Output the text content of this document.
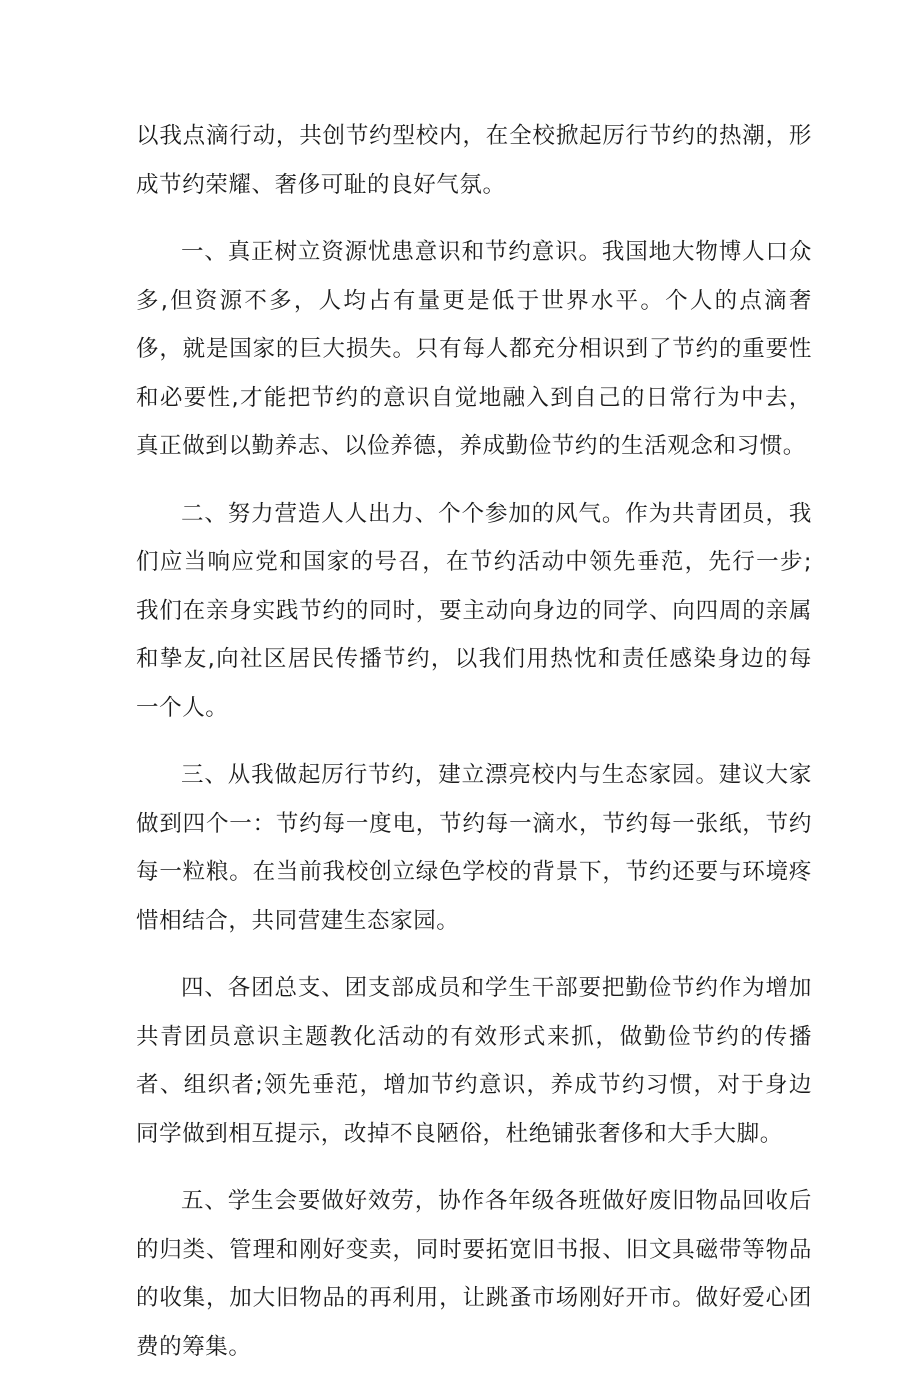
以我点滴行动，共创节约型校内，在全校掀起厉行节约的热潮，形成节约荣耀、奢侈可耻的良好气氛。

一、真正树立资源忧患意识和节约意识。我国地大物博人口众多,但资源不多，人均占有量更是低于世界水平。个人的点滴奢侈，就是国家的巨大损失。只有每人都充分相识到了节约的重要性和必要性,才能把节约的意识自觉地融入到自己的日常行为中去，真正做到以勤养志、以俭养德，养成勤俭节约的生活观念和习惯。

二、努力营造人人出力、个个参加的风气。作为共青团员，我们应当响应党和国家的号召，在节约活动中领先垂范，先行一步;我们在亲身实践节约的同时，要主动向身边的同学、向四周的亲属和挚友,向社区居民传播节约，以我们用热忱和责任感染身边的每一个人。

三、从我做起厉行节约，建立漂亮校内与生态家园。建议大家做到四个一：节约每一度电，节约每一滴水，节约每一张纸，节约每一粒粮。在当前我校创立绿色学校的背景下，节约还要与环境疼惜相结合，共同营建生态家园。

四、各团总支、团支部成员和学生干部要把勤俭节约作为增加共青团员意识主题教化活动的有效形式来抓，做勤俭节约的传播者、组织者;领先垂范，增加节约意识，养成节约习惯，对于身边同学做到相互提示，改掉不良陋俗，杜绝铺张奢侈和大手大脚。

五、学生会要做好效劳，协作各年级各班做好废旧物品回收后的归类、管理和刚好变卖，同时要拓宽旧书报、旧文具磁带等物品的收集，加大旧物品的再利用，让跳蚤市场刚好开市。做好爱心团费的筹集。
